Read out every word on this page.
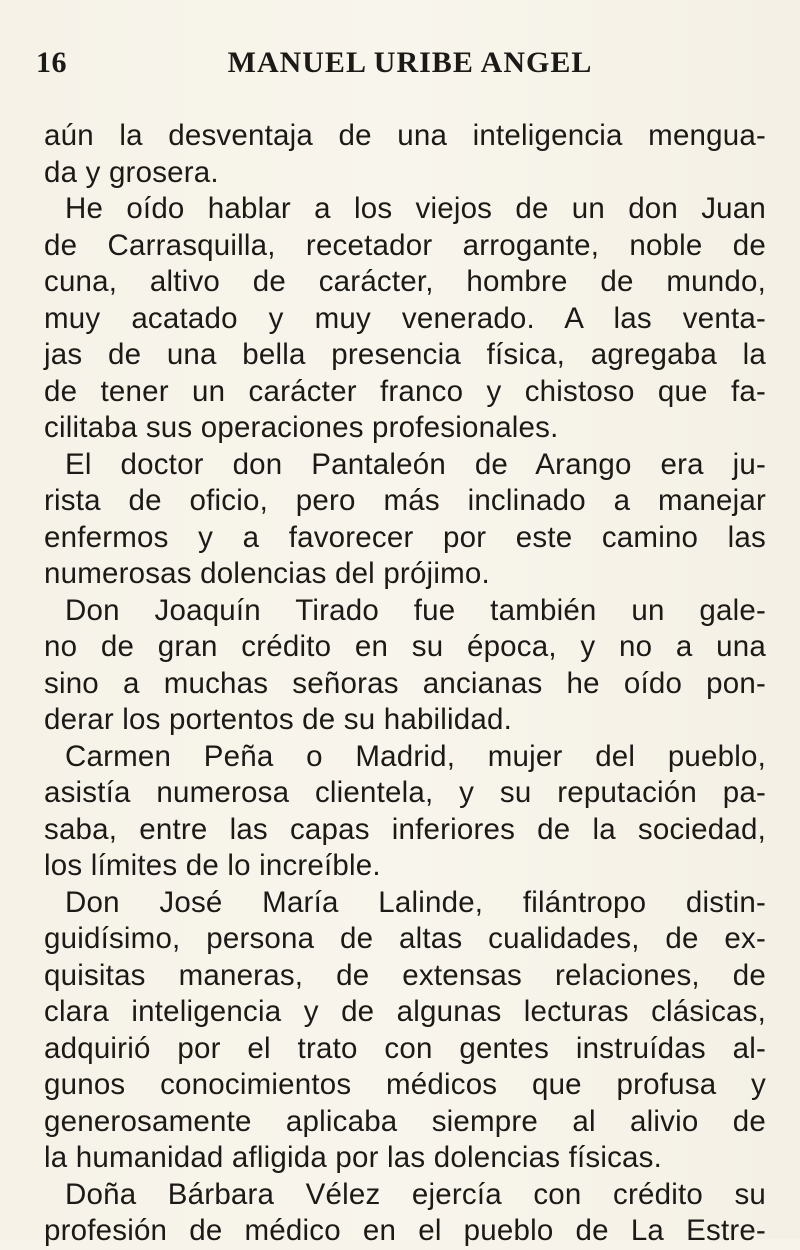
16	MANUEL URIBE ANGEL
aún la desventaja de una inteligencia mengua-
da y grosera.
He oído hablar a los viejos de un don Juan
de Carrasquilla, recetador arrogante, noble de
cuna, altivo de carácter, hombre de mundo,
muy acatado y muy venerado. A las venta-
jas de una bella presencia física, agregaba la
de tener un carácter franco y chistoso que fa-
cilitaba sus operaciones profesionales.
El doctor don Pantaleón de Arango era ju-
rista de oficio, pero más inclinado a manejar
enfermos y a favorecer por este camino las
numerosas dolencias del prójimo.
Don Joaquín Tirado fue también un gale-
no de gran crédito en su época, y no a una
sino a muchas señoras ancianas he oído pon-
derar los portentos de su habilidad.
Carmen Peña o Madrid, mujer del pueblo,
asistía numerosa clientela, y su reputación pa-
saba, entre las capas inferiores de la sociedad,
los límites de lo increíble.
Don José María Lalinde, filántropo distin-
guidísimo, persona de altas cualidades, de ex-
quisitas maneras, de extensas relaciones, de
clara inteligencia y de algunas lecturas clásicas,
adquirió por el trato con gentes instruídas al-
gunos conocimientos médicos que profusa y
generosamente aplicaba siempre al alivio de
la humanidad afligida por las dolencias físicas.
Doña Bárbara Vélez ejercía con crédito su
profesión de médico en el pueblo de La Estre-
